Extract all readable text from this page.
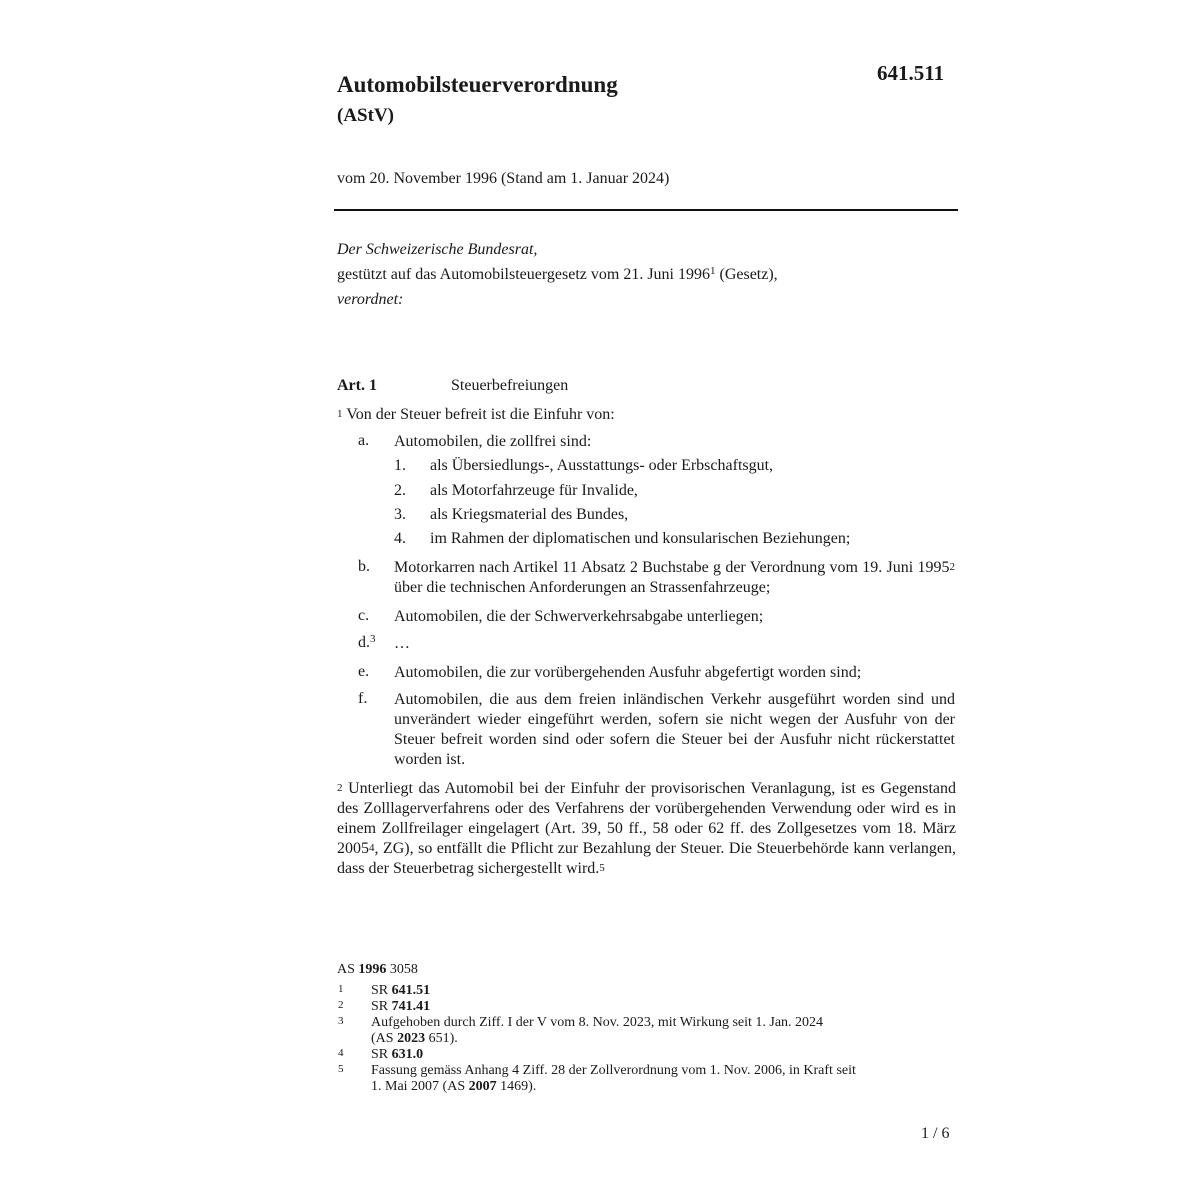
Automobilsteuerverordnung
(AStV)
641.511
vom 20. November 1996 (Stand am 1. Januar 2024)
Der Schweizerische Bundesrat,
gestützt auf das Automobilsteuergesetz vom 21. Juni 1996$^1$ (Gesetz),
verordnet:
Art. 1	Steuerbefreiungen
$^1$ Von der Steuer befreit ist die Einfuhr von:
a. Automobilen, die zollfrei sind:
1. als Übersiedlungs-, Ausstattungs- oder Erbschaftsgut,
2. als Motorfahrzeuge für Invalide,
3. als Kriegsmaterial des Bundes,
4. im Rahmen der diplomatischen und konsularischen Beziehungen;
b. Motorkarren nach Artikel 11 Absatz 2 Buchstabe g der Verordnung vom 19. Juni 1995$^2$ über die technischen Anforderungen an Strassenfahrzeuge;
c. Automobilen, die der Schwerverkehrsabgabe unterliegen;
d.$^3$ …
e. Automobilen, die zur vorübergehenden Ausfuhr abgefertigt worden sind;
f. Automobilen, die aus dem freien inländischen Verkehr ausgeführt worden sind und unverändert wieder eingeführt werden, sofern sie nicht wegen der Ausfuhr von der Steuer befreit worden sind oder sofern die Steuer bei der Ausfuhr nicht rückerstattet worden ist.
$^2$ Unterliegt das Automobil bei der Einfuhr der provisorischen Veranlagung, ist es Gegenstand des Zolllagerverfahrens oder des Verfahrens der vorübergehenden Verwendung oder wird es in einem Zollfreilager eingelagert (Art. 39, 50 ff., 58 oder 62 ff. des Zollgesetzes vom 18. März 2005$^4$, ZG), so entfällt die Pflicht zur Bezahlung der Steuer. Die Steuerbehörde kann verlangen, dass der Steuerbetrag sichergestellt wird.$^5$
AS 1996 3058
1 SR 641.51
2 SR 741.41
3 Aufgehoben durch Ziff. I der V vom 8. Nov. 2023, mit Wirkung seit 1. Jan. 2024
(AS 2023 651).
4 SR 631.0
5 Fassung gemäss Anhang 4 Ziff. 28 der Zollverordnung vom 1. Nov. 2006, in Kraft seit
1. Mai 2007 (AS 2007 1469).
1 / 6
